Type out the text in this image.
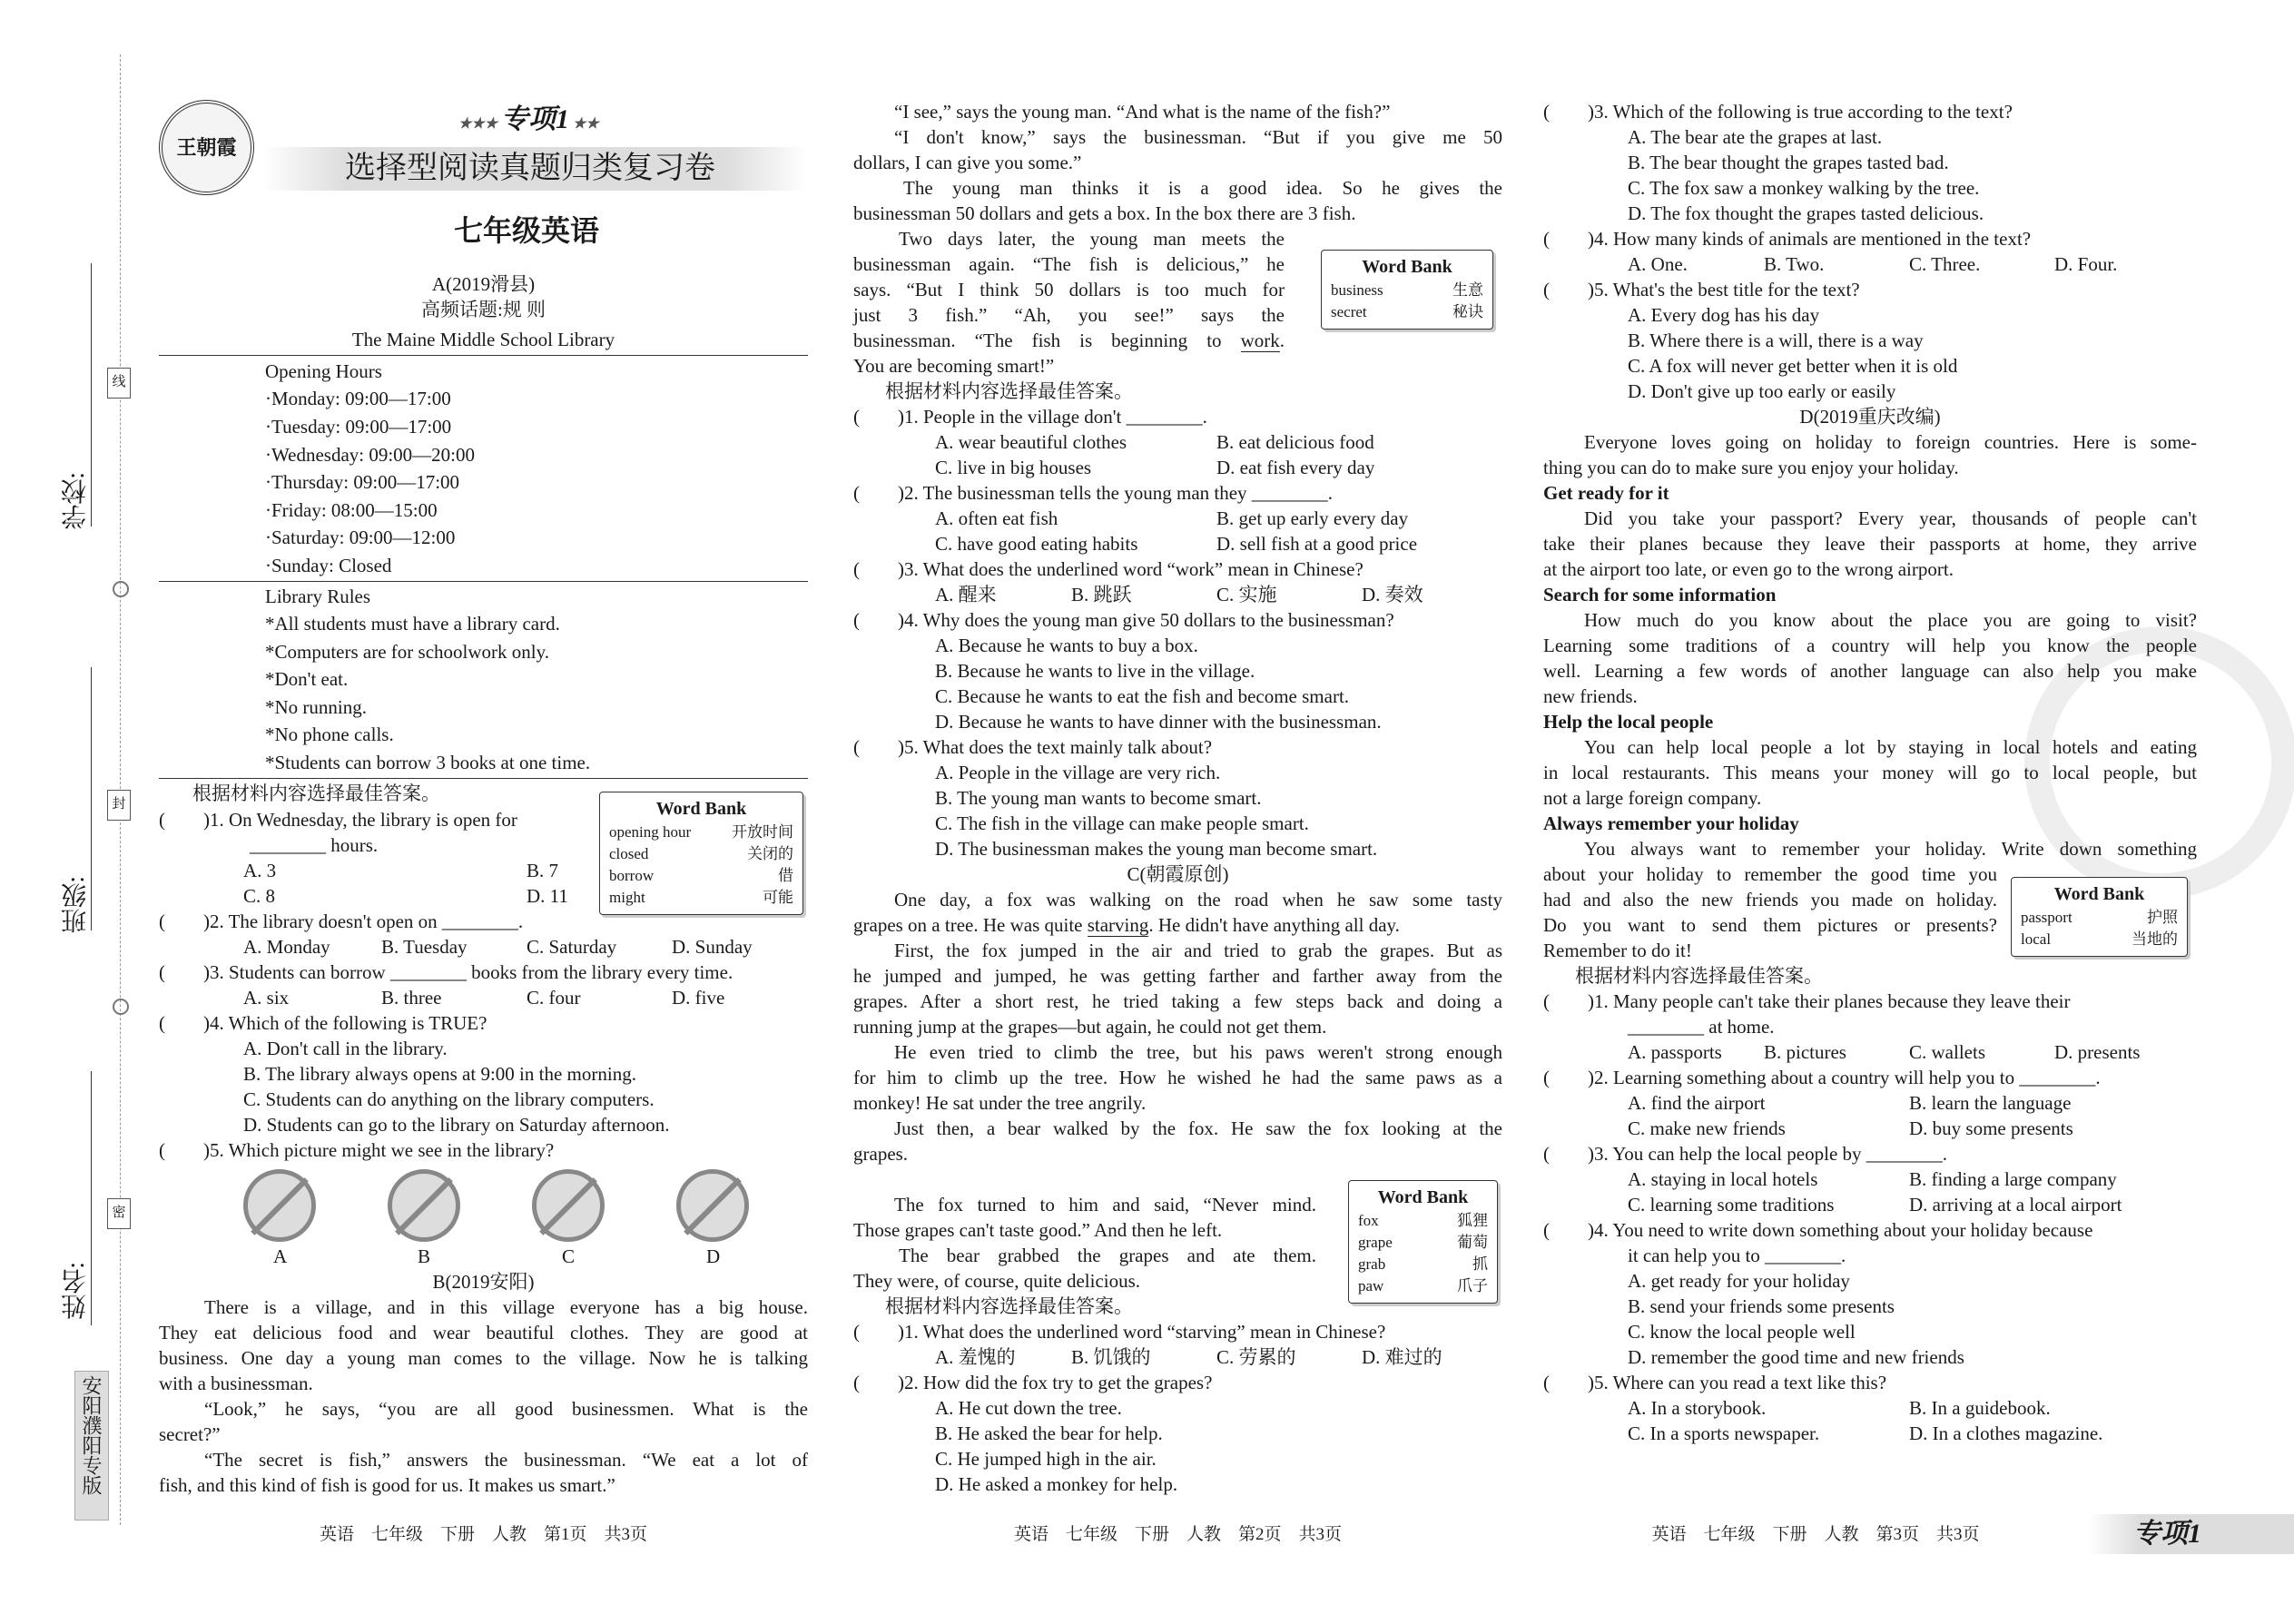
线
封
密
学校:
班级:
姓名:
安阳濮阳专版
王朝霞
★★★ 专项1 ★★
选择型阅读真题归类复习卷
七年级英语
A(2019滑县)
高频话题:规 则
The Maine Middle School Library
Opening Hours
·Monday: 09:00—17:00
·Tuesday: 09:00—17:00
·Wednesday: 09:00—20:00
·Thursday: 09:00—17:00
·Friday: 08:00—15:00
·Saturday: 09:00—12:00
·Sunday: Closed
Library Rules
*All students must have a library card.
*Computers are for schoolwork only.
*Don't eat.
*No running.
*No phone calls.
*Students can borrow 3 books at one time.
根据材料内容选择最佳答案。
Word Bank
opening hour	开放时间
closed	关闭的
borrow	借
might	可能
(　　)1. On Wednesday, the library is open for
________ hours.
A. 3	B. 7
C. 8	D. 11
(　　)2. The library doesn't open on ________.
A. Monday	B. Tuesday	C. Saturday	D. Sunday
(　　)3. Students can borrow ________ books from the library every time.
A. six	B. three	C. four	D. five
(　　)4. Which of the following is TRUE?
A. Don't call in the library.
B. The library always opens at 9:00 in the morning.
C. Students can do anything on the library computers.
D. Students can go to the library on Saturday afternoon.
(　　)5. Which picture might we see in the library?
A	B	C	D
B(2019安阳)

There is a village, and in this village everyone has a big house.

They eat delicious food and wear beautiful clothes. They are good at

business. One day a young man comes to the village. Now he is talking

with a businessman.

“Look,” he says, “you are all good businessmen. What is the

secret?”

“The secret is fish,” answers the businessman. “We eat a lot of

fish, and this kind of fish is good for us. It makes us smart.”
英语　七年级　下册　人教　第1页　共3页
“I see,” says the young man. “And what is the name of the fish?”

“I don't know,” says the businessman. “But if you give me 50

dollars, I can give you some.”

The young man thinks it is a good idea. So he gives the

businessman 50 dollars and gets a box. In the box there are 3 fish.

Two days later, the young man meets the

businessman again. “The fish is delicious,” he

says. “But I think 50 dollars is too much for

just 3 fish.” “Ah, you see!” says the

businessman. “The fish is beginning to work.

You are becoming smart!”
Word Bank
business	生意
secret	秘诀
根据材料内容选择最佳答案。
(　　)1. People in the village don't ________.
A. wear beautiful clothes	B. eat delicious food
C. live in big houses	D. eat fish every day
(　　)2. The businessman tells the young man they ________.
A. often eat fish	B. get up early every day
C. have good eating habits	D. sell fish at a good price
(　　)3. What does the underlined word “work” mean in Chinese?
A. 醒来	B. 跳跃	C. 实施	D. 奏效
(　　)4. Why does the young man give 50 dollars to the businessman?
A. Because he wants to buy a box.
B. Because he wants to live in the village.
C. Because he wants to eat the fish and become smart.
D. Because he wants to have dinner with the businessman.
(　　)5. What does the text mainly talk about?
A. People in the village are very rich.
B. The young man wants to become smart.
C. The fish in the village can make people smart.
D. The businessman makes the young man become smart.
C(朝霞原创)

One day, a fox was walking on the road when he saw some tasty

grapes on a tree. He was quite starving. He didn't have anything all day.

First, the fox jumped in the air and tried to grab the grapes. But as

he jumped and jumped, he was getting farther and farther away from the

grapes. After a short rest, he tried taking a few steps back and doing a

running jump at the grapes—but again, he could not get them.

He even tried to climb the tree, but his paws weren't strong enough

for him to climb up the tree. How he wished he had the same paws as a

monkey! He sat under the tree angrily.

Just then, a bear walked by the fox. He saw the fox looking at the

grapes.

The fox turned to him and said, “Never mind.

Those grapes can't taste good.” And then he left.

The bear grabbed the grapes and ate them.

They were, of course, quite delicious.
Word Bank
fox	狐狸
grape	葡萄
grab	抓
paw	爪子
根据材料内容选择最佳答案。
(　　)1. What does the underlined word “starving” mean in Chinese?
A. 羞愧的	B. 饥饿的	C. 劳累的	D. 难过的
(　　)2. How did the fox try to get the grapes?
A. He cut down the tree.
B. He asked the bear for help.
C. He jumped high in the air.
D. He asked a monkey for help.
英语　七年级　下册　人教　第2页　共3页
(　　)3. Which of the following is true according to the text?
A. The bear ate the grapes at last.
B. The bear thought the grapes tasted bad.
C. The fox saw a monkey walking by the tree.
D. The fox thought the grapes tasted delicious.
(　　)4. How many kinds of animals are mentioned in the text?
A. One.	B. Two.	C. Three.	D. Four.
(　　)5. What's the best title for the text?
A. Every dog has his day
B. Where there is a will, there is a way
C. A fox will never get better when it is old
D. Don't give up too early or easily
D(2019重庆改编)

Everyone loves going on holiday to foreign countries. Here is some-

thing you can do to make sure you enjoy your holiday.
Get ready for it

Did you take your passport? Every year, thousands of people can't

take their planes because they leave their passports at home, they arrive

at the airport too late, or even go to the wrong airport.
Search for some information

How much do you know about the place you are going to visit?

Learning some traditions of a country will help you know the people

well. Learning a few words of another language can also help you make

new friends.
Help the local people

You can help local people a lot by staying in local hotels and eating

in local restaurants. This means your money will go to local people, but

not a large foreign company.
Always remember your holiday

You always want to remember your holiday. Write down something

about your holiday to remember the good time you

had and also the new friends you made on holiday.

Do you want to send them pictures or presents?

Remember to do it!
Word Bank
passport	护照
local	当地的
根据材料内容选择最佳答案。
(　　)1. Many people can't take their planes because they leave their
________ at home.
A. passports B. pictures	C. wallets	D. presents
(　　)2. Learning something about a country will help you to ________.
A. find the airport	B. learn the language
C. make new friends	D. buy some presents
(　　)3. You can help the local people by ________.
A. staying in local hotels	B. finding a large company
C. learning some traditions	D. arriving at a local airport
(　　)4. You need to write down something about your holiday because
it can help you to ________.
A. get ready for your holiday
B. send your friends some presents
C. know the local people well
D. remember the good time and new friends
(　　)5. Where can you read a text like this?
A. In a storybook.	B. In a guidebook.
C. In a sports newspaper.	D. In a clothes magazine.
英语　七年级　下册　人教　第3页　共3页	专项1
